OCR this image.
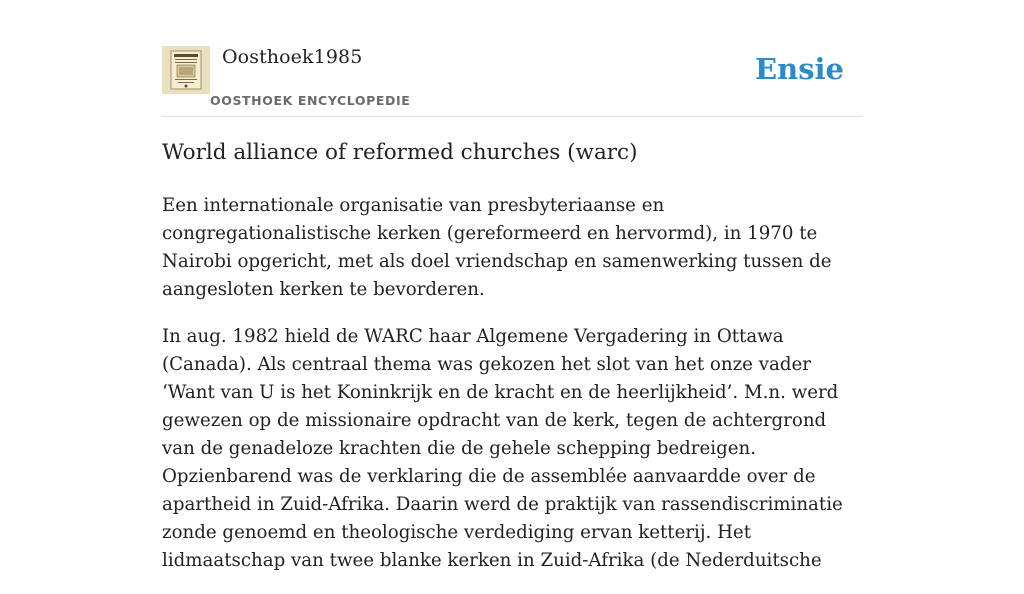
Oosthoek1985
OOSTHOEK ENCYCLOPEDIE
Ensie
World alliance of reformed churches (warc)

Een internationale organisatie van presbyteriaanse en congregationalistische kerken (gereformeerd en hervormd), in 1970 te Nairobi opgericht, met als doel vriendschap en samenwerking tussen de aangesloten kerken te bevorderen.

In aug. 1982 hield de WARC haar Algemene Vergadering in Ottawa (Canada). Als centraal thema was gekozen het slot van het onze vader ‘Want van U is het Koninkrijk en de kracht en de heerlijkheid’. M.n. werd gewezen op de missionaire opdracht van de kerk, tegen de achtergrond van de genadeloze krachten die de gehele schepping bedreigen. Opzienbarend was de verklaring die de assemblée aanvaardde over de apartheid in Zuid-Afrika. Daarin werd de praktijk van rassendiscriminatie zonde genoemd en theologische verdediging ervan ketterij. Het lidmaatschap van twee blanke kerken in Zuid-Afrika (de Nederduitsche
